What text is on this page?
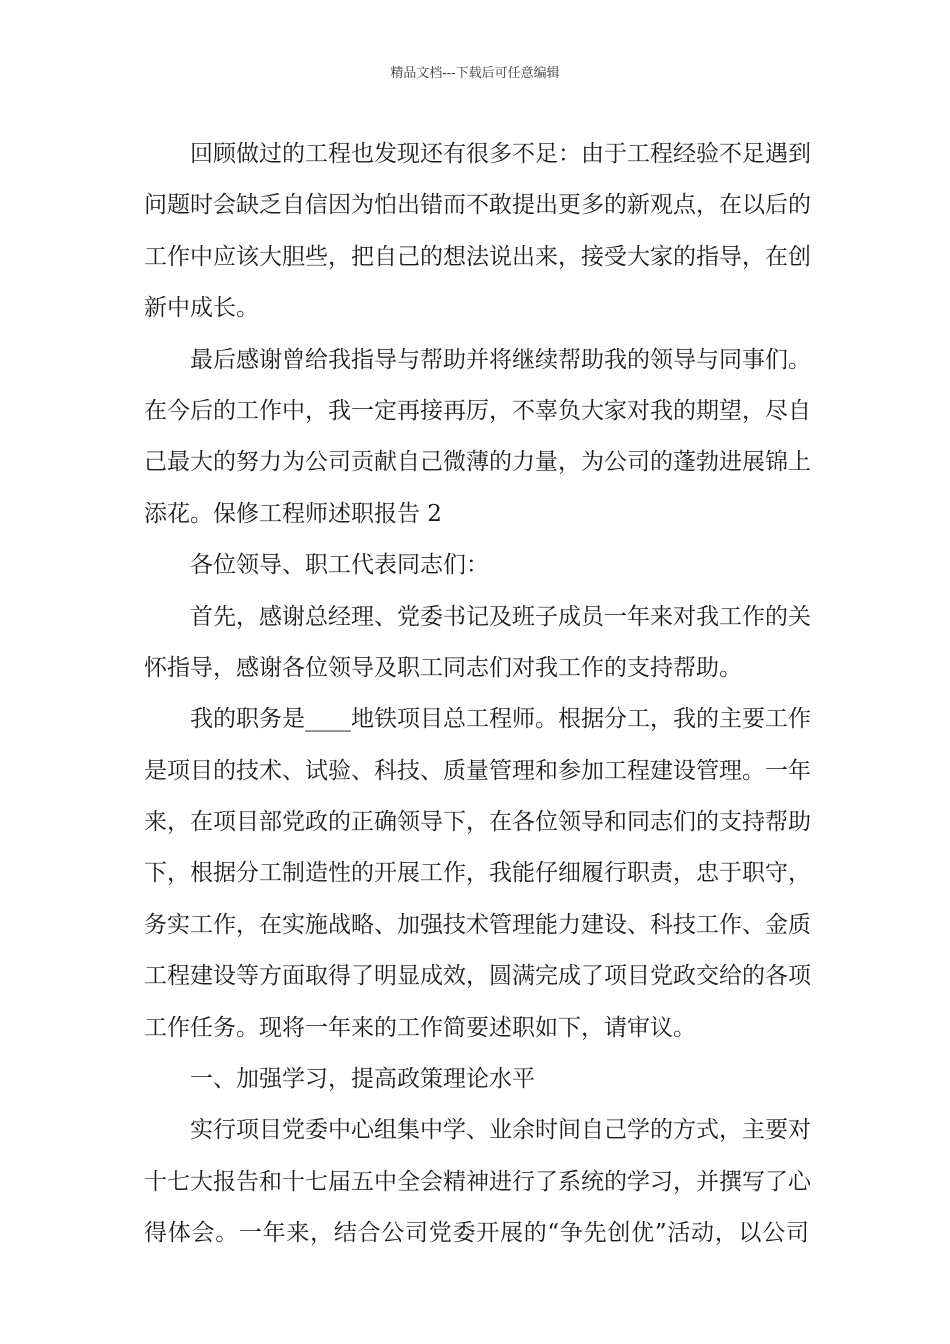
精品文档---下载后可任意编辑
回顾做过的工程也发现还有很多不足：由于工程经验不足遇到
问题时会缺乏自信因为怕出错而不敢提出更多的新观点，在以后的
工作中应该大胆些，把自己的想法说出来，接受大家的指导，在创
新中成长。
最后感谢曾给我指导与帮助并将继续帮助我的领导与同事们。
在今后的工作中，我一定再接再厉，不辜负大家对我的期望，尽自
己最大的努力为公司贡献自己微薄的力量，为公司的蓬勃进展锦上
添花。保修工程师述职报告 2
各位领导、职工代表同志们：
首先，感谢总经理、党委书记及班子成员一年来对我工作的关
怀指导，感谢各位领导及职工同志们对我工作的支持帮助。
我的职务是____地铁项目总工程师。根据分工，我的主要工作
是项目的技术、试验、科技、质量管理和参加工程建设管理。一年
来，在项目部党政的正确领导下，在各位领导和同志们的支持帮助
下，根据分工制造性的开展工作，我能仔细履行职责，忠于职守，
务实工作，在实施战略、加强技术管理能力建设、科技工作、金质
工程建设等方面取得了明显成效，圆满完成了项目党政交给的各项
工作任务。现将一年来的工作简要述职如下，请审议。
一、加强学习，提高政策理论水平
实行项目党委中心组集中学、业余时间自己学的方式，主要对
十七大报告和十七届五中全会精神进行了系统的学习，并撰写了心
得体会。一年来，结合公司党委开展的“争先创优”活动，以公司
